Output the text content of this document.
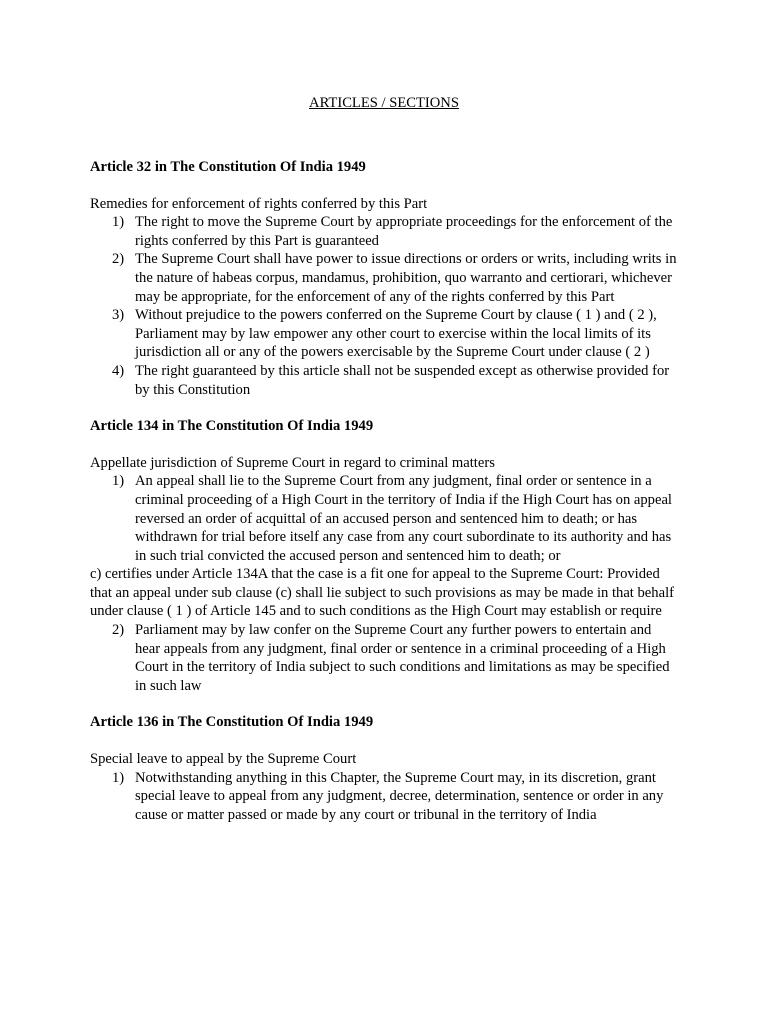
ARTICLES / SECTIONS
Article 32 in The Constitution Of India 1949

Remedies for enforcement of rights conferred by this Part

1) The right to move the Supreme Court by appropriate proceedings for the enforcement of the rights conferred by this Part is guaranteed
2) The Supreme Court shall have power to issue directions or orders or writs, including writs in the nature of habeas corpus, mandamus, prohibition, quo warranto and certiorari, whichever may be appropriate, for the enforcement of any of the rights conferred by this Part
3) Without prejudice to the powers conferred on the Supreme Court by clause ( 1 ) and ( 2 ), Parliament may by law empower any other court to exercise within the local limits of its jurisdiction all or any of the powers exercisable by the Supreme Court under clause ( 2 )
4) The right guaranteed by this article shall not be suspended except as otherwise provided for by this Constitution
Article 134 in The Constitution Of India 1949

Appellate jurisdiction of Supreme Court in regard to criminal matters

1) An appeal shall lie to the Supreme Court from any judgment, final order or sentence in a criminal proceeding of a High Court in the territory of India if the High Court has on appeal reversed an order of acquittal of an accused person and sentenced him to death; or has withdrawn for trial before itself any case from any court subordinate to its authority and has in such trial convicted the accused person and sentenced him to death; or

c) certifies under Article 134A that the case is a fit one for appeal to the Supreme Court: Provided that an appeal under sub clause (c) shall lie subject to such provisions as may be made in that behalf under clause ( 1 ) of Article 145 and to such conditions as the High Court may establish or require

2) Parliament may by law confer on the Supreme Court any further powers to entertain and hear appeals from any judgment, final order or sentence in a criminal proceeding of a High Court in the territory of India subject to such conditions and limitations as may be specified in such law
Article 136 in The Constitution Of India 1949

Special leave to appeal by the Supreme Court

1) Notwithstanding anything in this Chapter, the Supreme Court may, in its discretion, grant special leave to appeal from any judgment, decree, determination, sentence or order in any cause or matter passed or made by any court or tribunal in the territory of India
